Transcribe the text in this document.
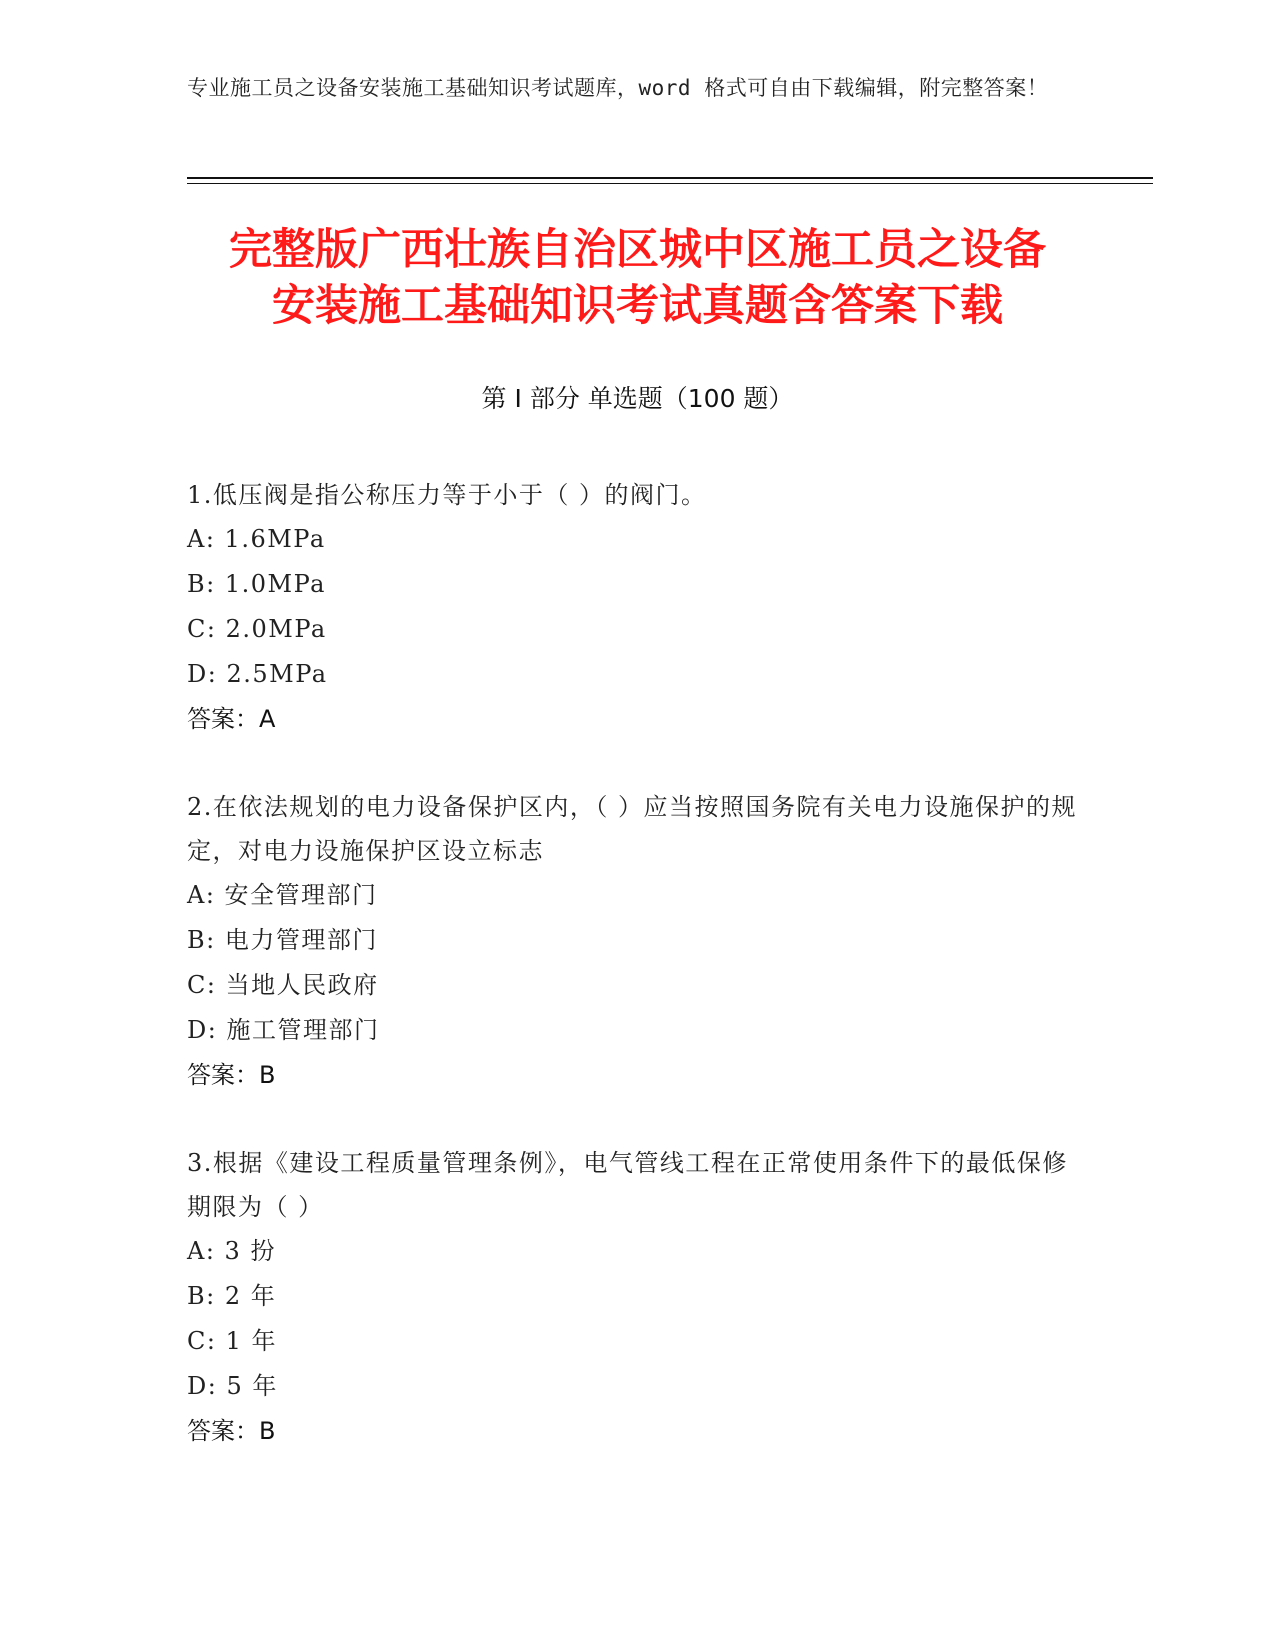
专业施工员之设备安装施工基础知识考试题库，word 格式可自由下载编辑，附完整答案！
完整版广西壮族自治区城中区施工员之设备
安装施工基础知识考试真题含答案下载
第 I 部分 单选题（100 题）
1.低压阀是指公称压力等于小于（ ）的阀门。
A: 1.6MPa
B: 1.0MPa
C: 2.0MPa
D: 2.5MPa
答案：A
2.在依法规划的电力设备保护区内，（ ）应当按照国务院有关电力设施保护的规定，对电力设施保护区设立标志
A: 安全管理部门
B: 电力管理部门
C: 当地人民政府
D: 施工管理部门
答案：B
3.根据《建设工程质量管理条例》，电气管线工程在正常使用条件下的最低保修期限为（ ）
A: 3 扮
B: 2 年
C: 1 年
D: 5 年
答案：B
